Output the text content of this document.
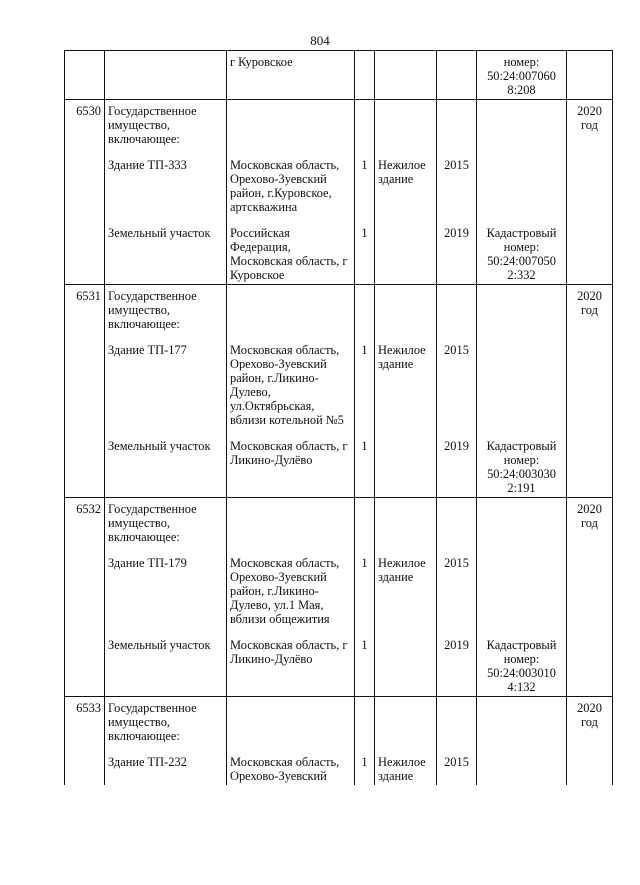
804
		г Куровское				номер: 50:24:007060 8:208	
6530	Государственное имущество, включающее:						2020 год

	Здание ТП-333	Московская область, Орехово-Зуевский район, г.Куровское, артскважина	1	Нежилое здание	2015		

	Земельный участок	Российская Федерация, Московская область, г Куровское	1		2019	Кадастровый номер: 50:24:007050 2:332	
6531	Государственное имущество, включающее:						2020 год

	Здание ТП-177	Московская область, Орехово-Зуевский район, г.Ликино-Дулево, ул.Октябрьская, вблизи котельной №5	1	Нежилое здание	2015		

	Земельный участок	Московская область, г Ликино-Дулёво	1		2019	Кадастровый номер: 50:24:003030 2:191	
6532	Государственное имущество, включающее:						2020 год

	Здание ТП-179	Московская область, Орехово-Зуевский район, г.Ликино-Дулево, ул.1 Мая, вблизи общежития	1	Нежилое здание	2015		

	Земельный участок	Московская область, г Ликино-Дулёво	1		2019	Кадастровый номер: 50:24:003010 4:132	
6533	Государственное имущество, включающее:						2020 год

	Здание ТП-232	Московская область, Орехово-Зуевский	1	Нежилое здание	2015		
